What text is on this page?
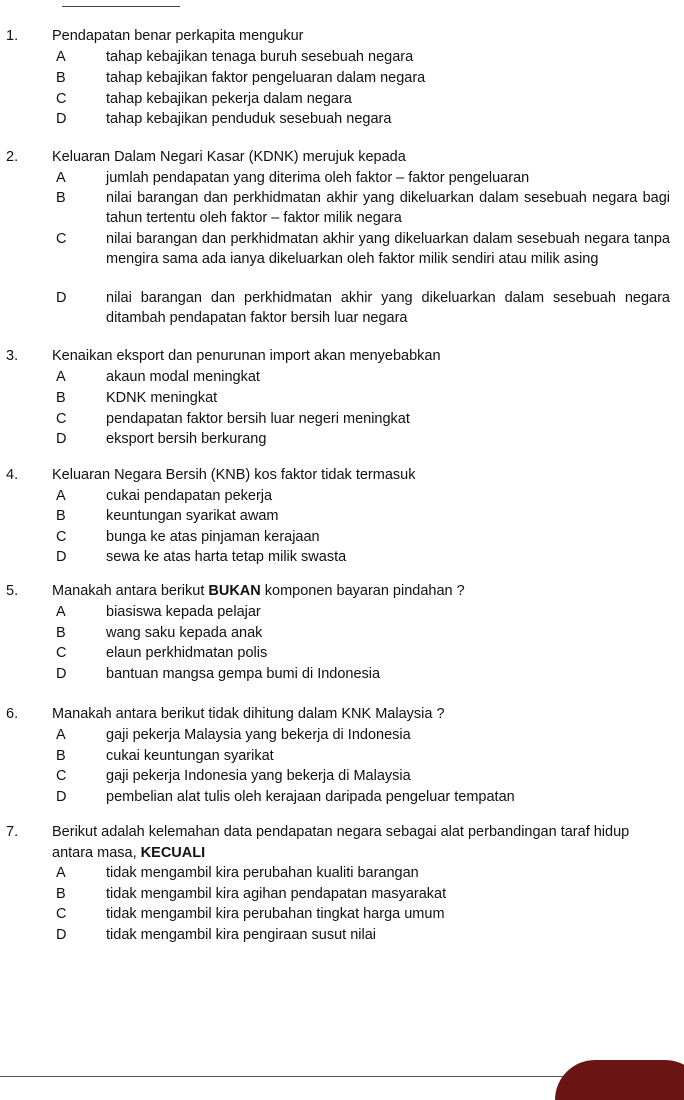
1. Pendapatan benar perkapita mengukur
A	tahap kebajikan tenaga buruh sesebuah negara
B	tahap kebajikan faktor pengeluaran dalam negara
C	tahap kebajikan pekerja dalam negara
D	tahap kebajikan penduduk sesebuah negara
2. Keluaran Dalam Negari Kasar (KDNK) merujuk kepada
A	jumlah pendapatan yang diterima oleh faktor – faktor pengeluaran
B	nilai barangan dan perkhidmatan akhir yang dikeluarkan dalam sesebuah negara bagi tahun tertentu oleh faktor – faktor milik negara
C	nilai barangan dan perkhidmatan akhir yang dikeluarkan dalam sesebuah negara tanpa mengira sama ada ianya dikeluarkan oleh faktor milik sendiri atau milik asing
D	nilai barangan dan perkhidmatan akhir yang dikeluarkan dalam sesebuah negara ditambah pendapatan faktor bersih luar negara
3. Kenaikan eksport dan penurunan import akan menyebabkan
A	akaun modal meningkat
B	KDNK meningkat
C	pendapatan faktor bersih luar negeri meningkat
D	eksport bersih berkurang
4. Keluaran Negara Bersih (KNB) kos faktor tidak termasuk
A	cukai pendapatan pekerja
B	keuntungan syarikat awam
C	bunga ke atas pinjaman kerajaan
D	sewa ke atas harta tetap milik swasta
5. Manakah antara berikut BUKAN komponen bayaran pindahan ?
A	biasiswa kepada pelajar
B	wang saku kepada anak
C	elaun perkhidmatan polis
D	bantuan mangsa gempa bumi di Indonesia
6. Manakah antara berikut tidak dihitung dalam KNK Malaysia ?
A	gaji pekerja Malaysia yang bekerja di Indonesia
B	cukai keuntungan syarikat
C	gaji pekerja Indonesia yang bekerja di Malaysia
D	pembelian alat tulis oleh kerajaan daripada pengeluar tempatan
7. Berikut adalah kelemahan data pendapatan negara sebagai alat perbandingan taraf hidup
antara masa, KECUALI
A	tidak mengambil kira perubahan kualiti barangan
B	tidak mengambil kira agihan pendapatan masyarakat
C	tidak mengambil kira perubahan tingkat harga umum
D	tidak mengambil kira pengiraan susut nilai
